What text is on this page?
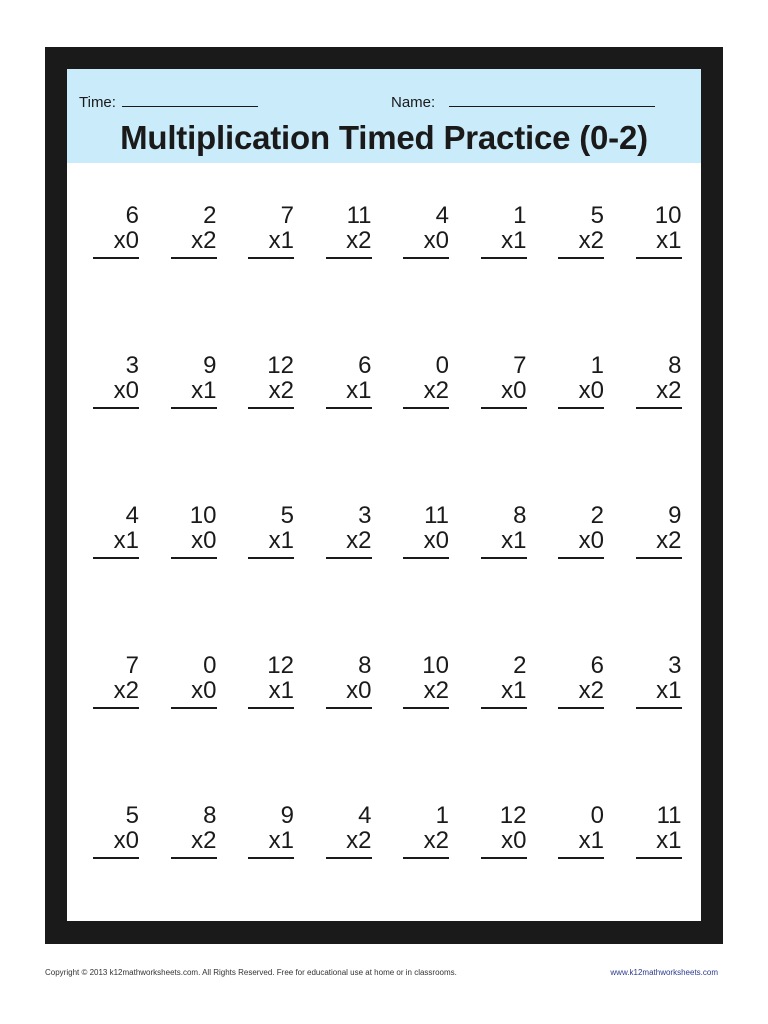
Time:	Name:
Multiplication Timed Practice (0-2)
6
x0
2
x2
7
x1
11
x2
4
x0
1
x1
5
x2
10
x1
3
x0
9
x1
12
x2
6
x1
0
x2
7
x0
1
x0
8
x2
4
x1
10
x0
5
x1
3
x2
11
x0
8
x1
2
x0
9
x2
7
x2
0
x0
12
x1
8
x0
10
x2
2
x1
6
x2
3
x1
5
x0
8
x2
9
x1
4
x2
1
x2
12
x0
0
x1
11
x1
Copyright © 2013 k12mathworksheets.com. All Rights Reserved. Free for educational use at home or in classrooms.	www.k12mathworksheets.com
